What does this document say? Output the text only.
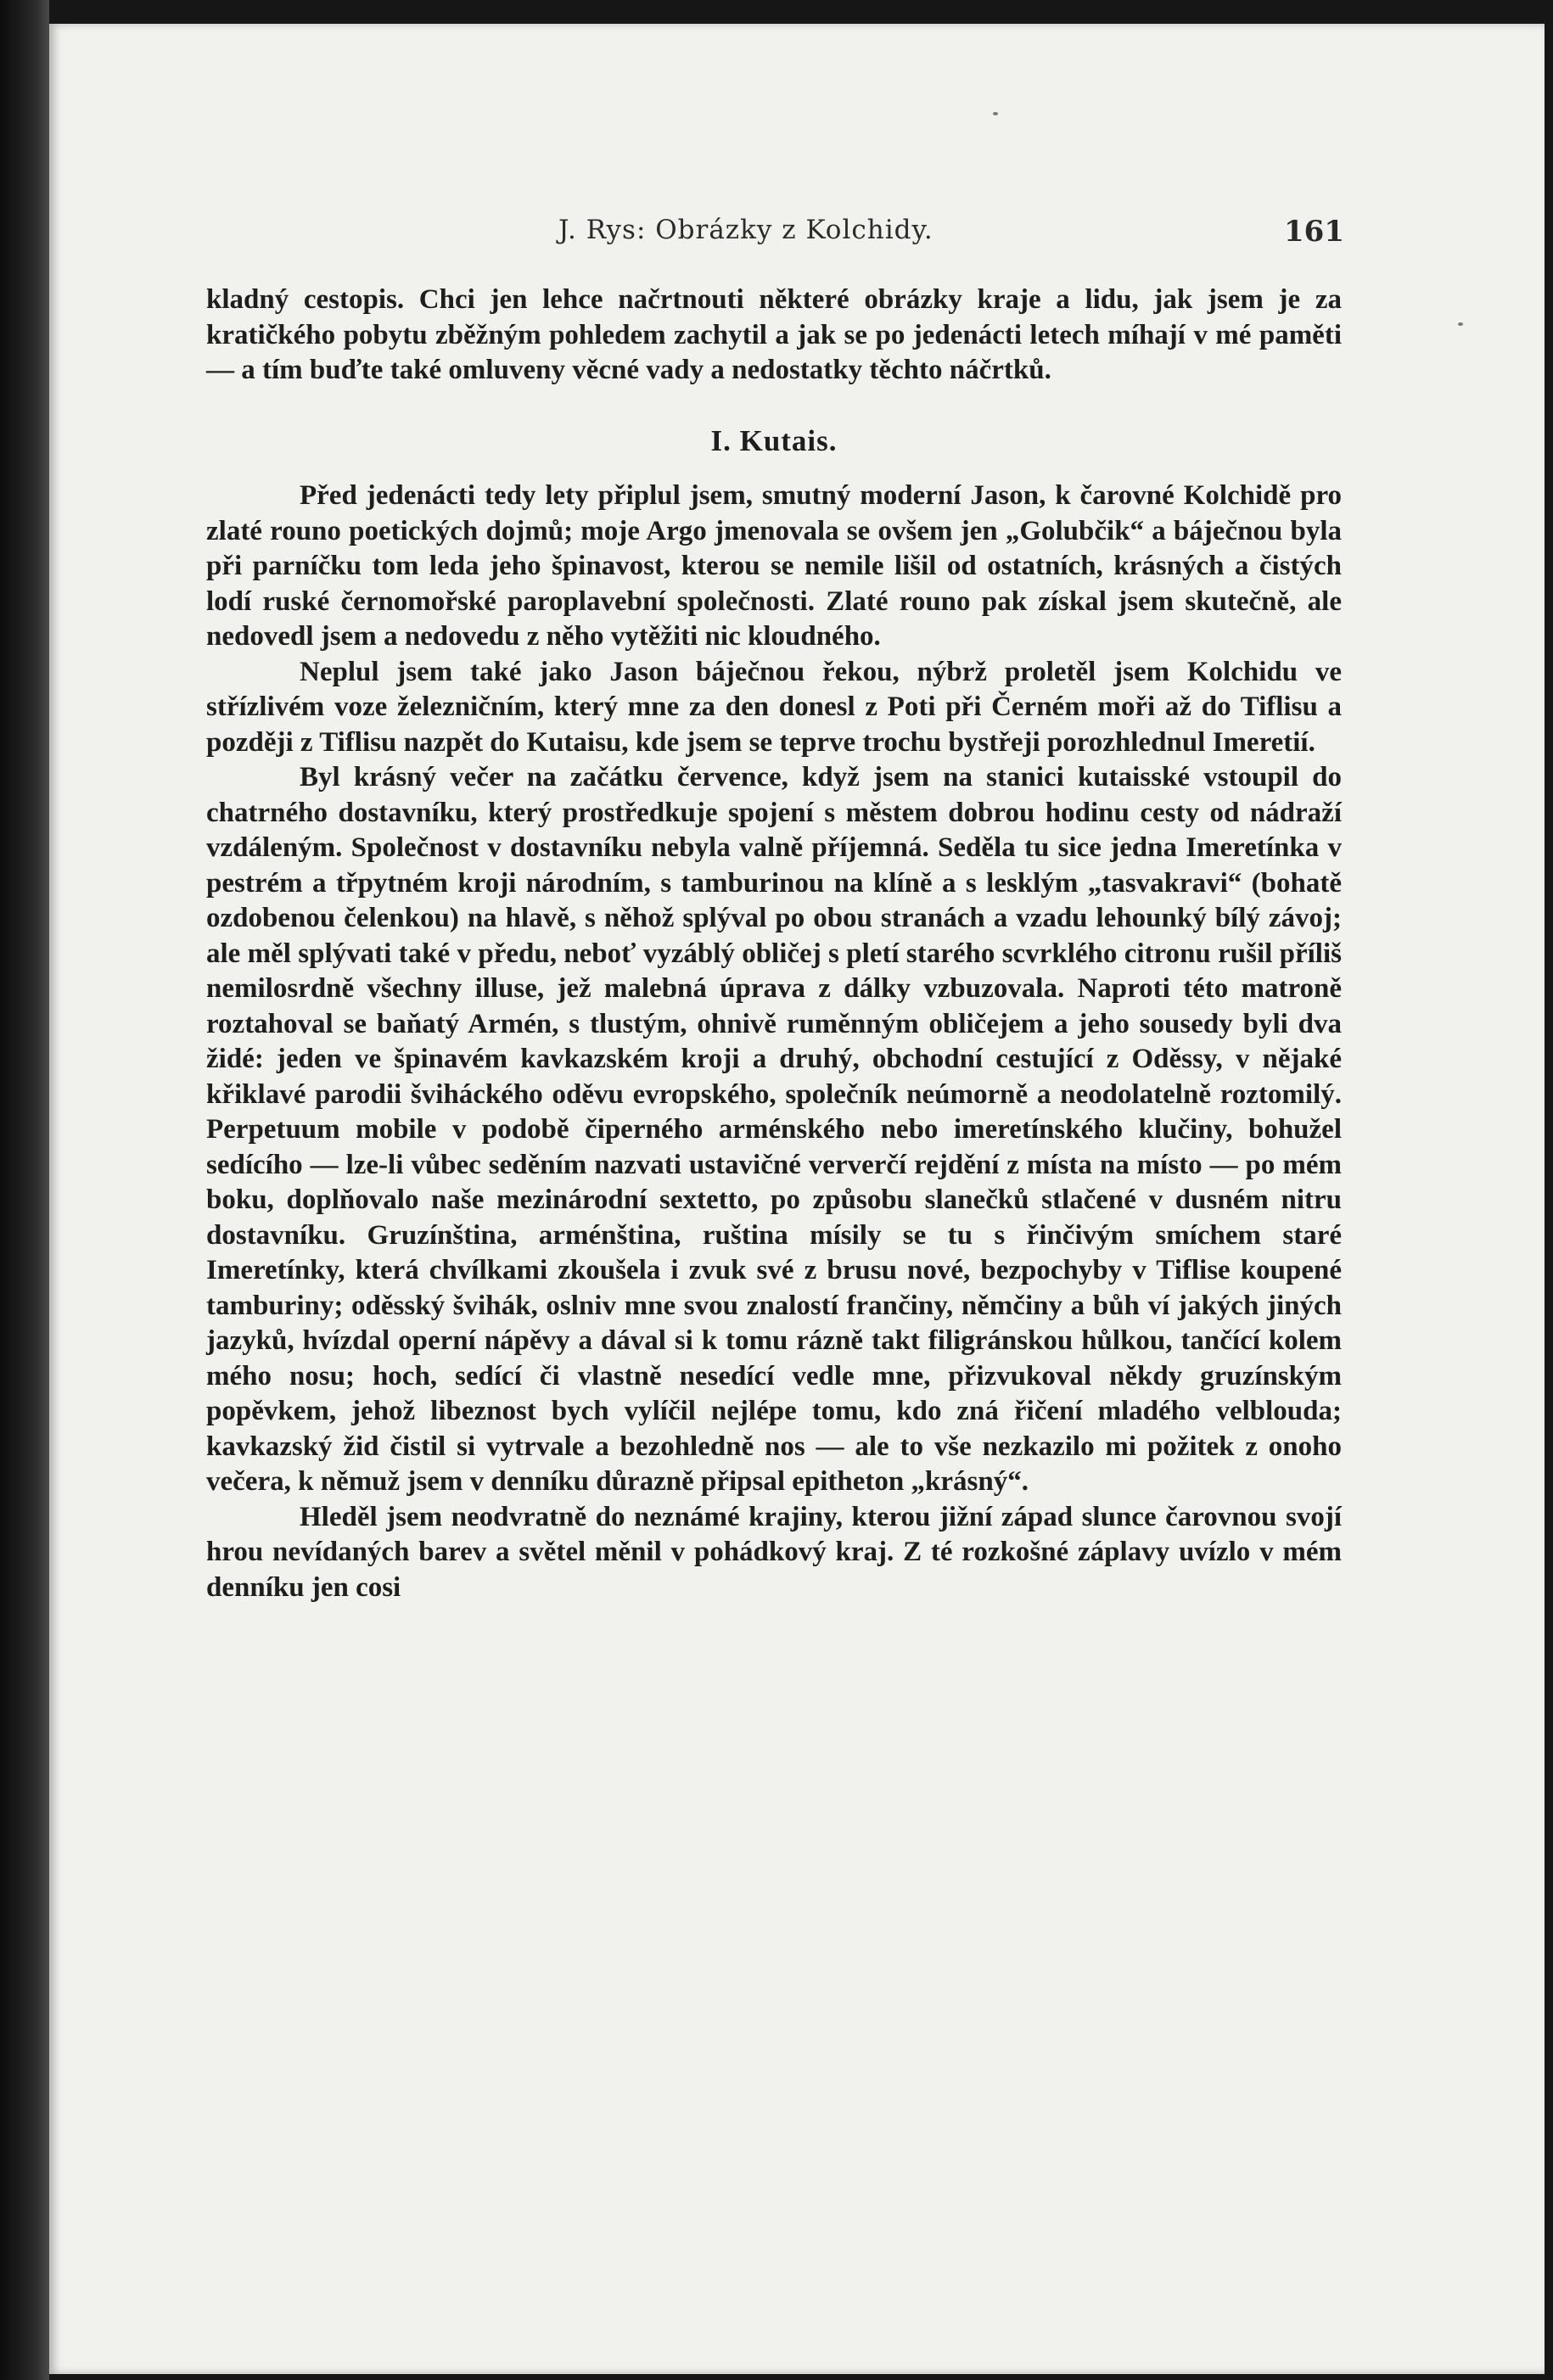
J. Rys: Obrázky z Kolchidy.	161

kladný cestopis. Chci jen lehce načrtnouti některé obrázky kraje a lidu, jak jsem je za kratičkého pobytu zběžným pohledem zachytil a jak se po jedenácti letech míhají v mé paměti — a tím buďte také omluveny věcné vady a nedostatky těchto náčrtků.

I. Kutais.

Před jedenácti tedy lety připlul jsem, smutný moderní Jason, k čarovné Kolchidě pro zlaté rouno poetických dojmů; moje Argo jmenovala se ovšem jen „Golubčik“ a báječnou byla při parníčku tom leda jeho špinavost, kterou se nemile lišil od ostatních, krásných a čistých lodí ruské černomořské paroplavební společnosti. Zlaté rouno pak získal jsem skutečně, ale nedovedl jsem a nedovedu z něho vytěžiti nic kloudného.

Neplul jsem také jako Jason báječnou řekou, nýbrž proletěl jsem Kolchidu ve střízlivém voze železničním, který mne za den donesl z Poti při Černém moři až do Tiflisu a později z Tiflisu nazpět do Kutaisu, kde jsem se teprve trochu bystřeji porozhlednul Imeretií.

Byl krásný večer na začátku července, když jsem na stanici kutaisské vstoupil do chatrného dostavníku, který prostředkuje spojení s městem dobrou hodinu cesty od nádraží vzdáleným. Společnost v dostavníku nebyla valně příjemná. Seděla tu sice jedna Imeretínka v pestrém a třpytném kroji národním, s tamburinou na klíně a s lesklým „tasvakravi“ (bohatě ozdobenou čelenkou) na hlavě, s něhož splýval po obou stranách a vzadu lehounký bílý závoj; ale měl splývati také v předu, neboť vyzáblý obličej s pletí starého scvrklého citronu rušil příliš nemilosrdně všechny illuse, jež malebná úprava z dálky vzbuzovala. Naproti této matroně roztahoval se baňatý Armén, s tlustým, ohnivě ruměnným obličejem a jeho sousedy byli dva židé: jeden ve špinavém kavkazském kroji a druhý, obchodní cestující z Oděssy, v nějaké křiklavé parodii šviháckého oděvu evropského, společník neúmorně a neodolatelně roztomilý. Perpetuum mobile v podobě čiperného arménského nebo imeretínského klučiny, bohužel sedícího — lze-li vůbec seděním nazvati ustavičné ververčí rejdění z místa na místo — po mém boku, doplňovalo naše mezinárodní sextetto, po způsobu slanečků stlačené v dusném nitru dostavníku. Gruzínština, arménština, ruština mísily se tu s řinčivým smíchem staré Imeretínky, která chvílkami zkoušela i zvuk své z brusu nové, bezpochyby v Tiflise koupené tamburiny; oděsský švihák, oslniv mne svou znalostí frančiny, němčiny a bůh ví jakých jiných jazyků, hvízdal operní nápěvy a dával si k tomu rázně takt filigránskou hůlkou, tančící kolem mého nosu; hoch, sedící či vlastně nesedící vedle mne, přizvukoval někdy gruzínským popěvkem, jehož libeznost bych vylíčil nejlépe tomu, kdo zná řičení mladého velblouda; kavkazský žid čistil si vytrvale a bezohledně nos — ale to vše nezkazilo mi požitek z onoho večera, k němuž jsem v denníku důrazně připsal epitheton „krásný“.

Hleděl jsem neodvratně do neznámé krajiny, kterou jižní západ slunce čarovnou svojí hrou nevídaných barev a světel měnil v pohádkový kraj. Z té rozkošné záplavy uvízlo v mém denníku jen cosi
